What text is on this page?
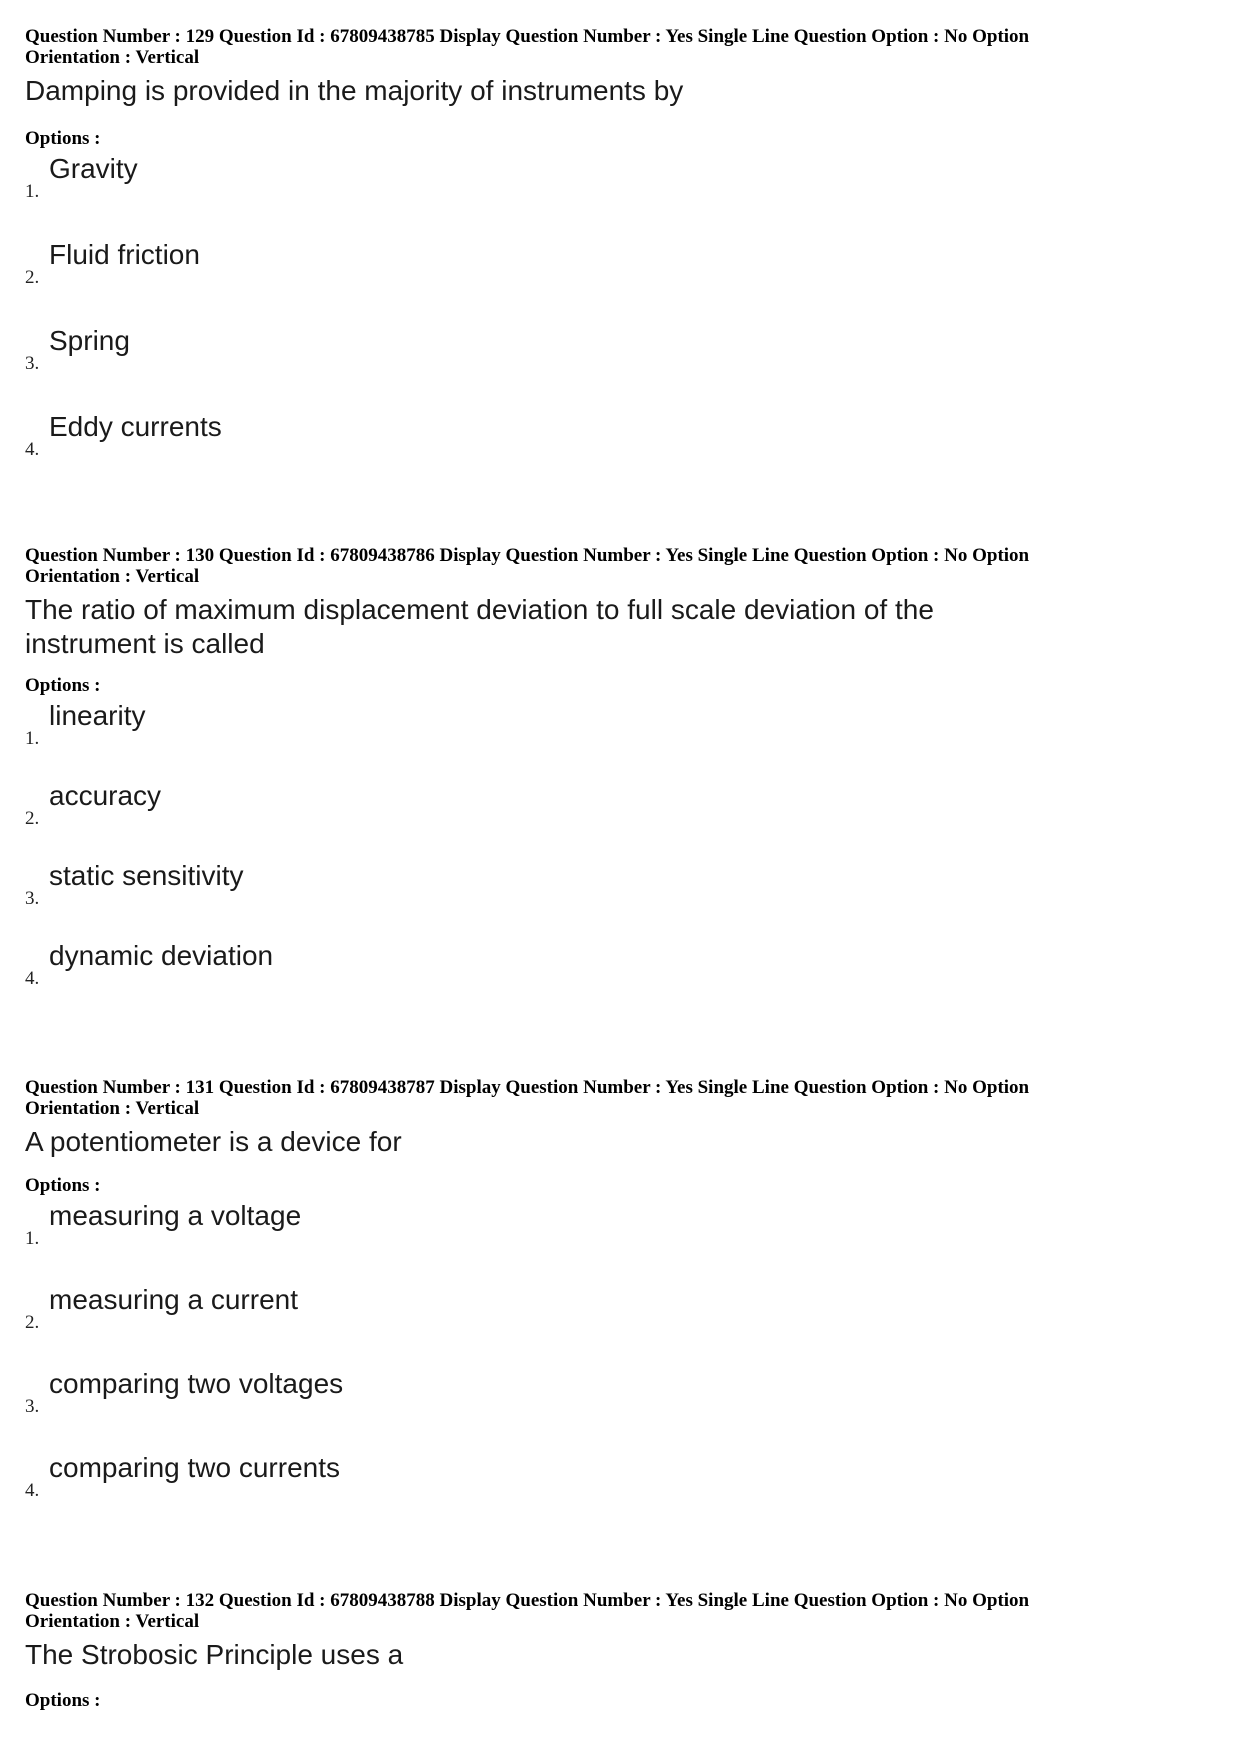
Question Number : 129 Question Id : 67809438785 Display Question Number : Yes Single Line Question Option : No Option
Orientation : Vertical
Damping is provided in the majority of instruments by
Options :
1.
Gravity
2.
Fluid friction
3.
Spring
4.
Eddy currents
Question Number : 130 Question Id : 67809438786 Display Question Number : Yes Single Line Question Option : No Option
Orientation : Vertical
The ratio of maximum displacement deviation to full scale deviation of the
instrument is called
Options :
1.
linearity
2.
accuracy
3.
static sensitivity
4.
dynamic deviation
Question Number : 131 Question Id : 67809438787 Display Question Number : Yes Single Line Question Option : No Option
Orientation : Vertical
A potentiometer is a device for
Options :
1.
measuring a voltage
2.
measuring a current
3.
comparing two voltages
4.
comparing two currents
Question Number : 132 Question Id : 67809438788 Display Question Number : Yes Single Line Question Option : No Option
Orientation : Vertical
The Strobosic Principle uses a
Options :
